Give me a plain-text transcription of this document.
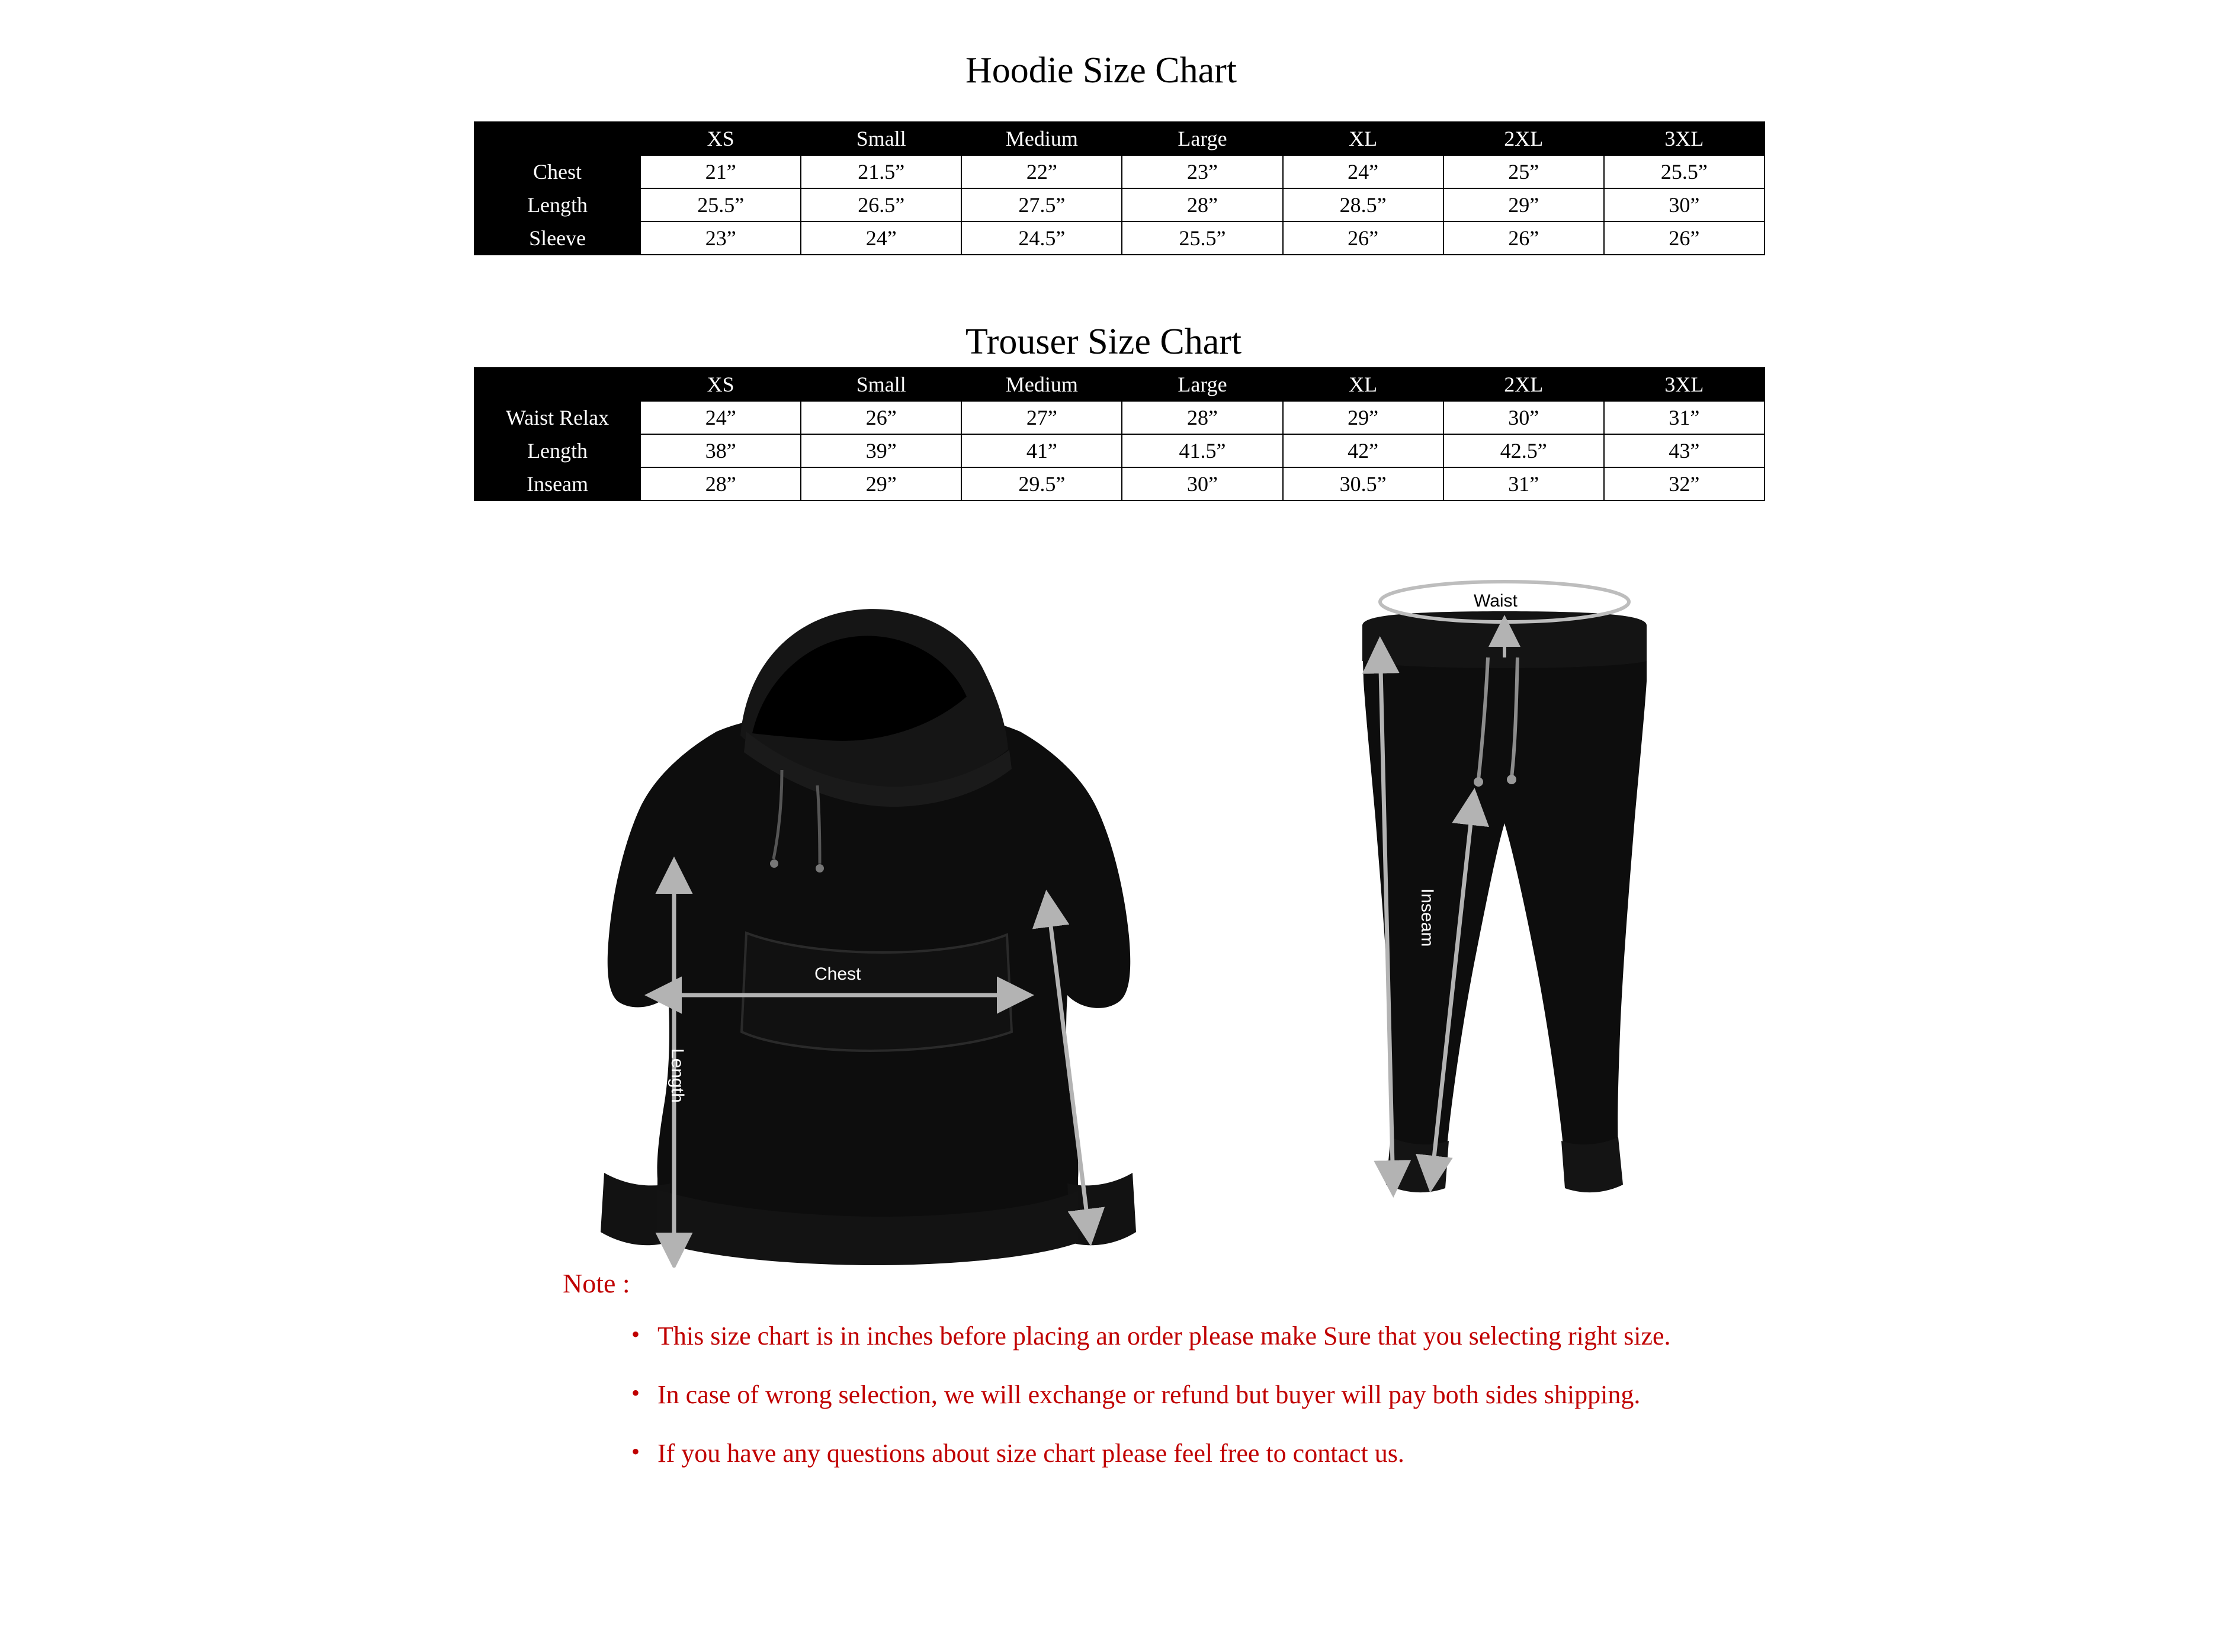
Hoodie Size Chart
	XS	Small	Medium	Large	XL	2XL	3XL
Chest	21”	21.5”	22”	23”	24”	25”	25.5”
Length	25.5”	26.5”	27.5”	28”	28.5”	29”	30”
Sleeve	23”	24”	24.5”	25.5”	26”	26”	26”
Trouser Size Chart
	XS	Small	Medium	Large	XL	2XL	3XL
Waist Relax	24”	26”	27”	28”	29”	30”	31”
Length	38”	39”	41”	41.5”	42”	42.5”	43”
Inseam	28”	29”	29.5”	30”	30.5”	31”	32”
Chest
Length	Sleeve
Waist
Length
Inseam
Note :
• This size chart is in inches before placing an order please make Sure that you selecting right size.
• In case of wrong selection, we will exchange or refund but buyer will pay both sides shipping.
• If you have any questions about size chart please feel free to contact us.
